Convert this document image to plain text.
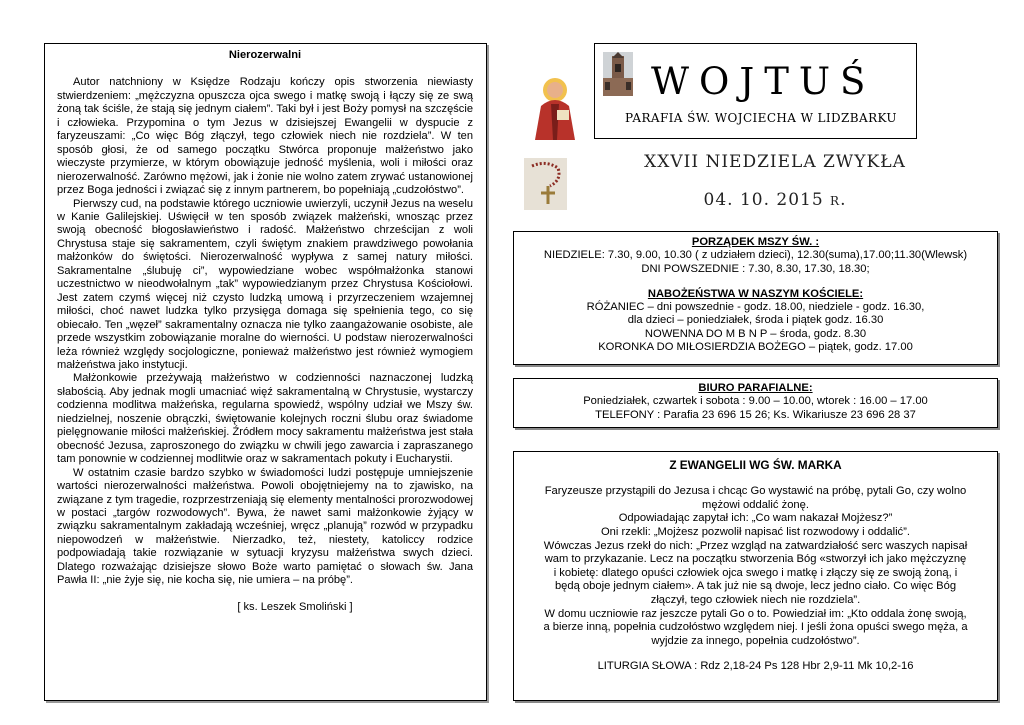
Nierozerwalni

Autor natchniony w Księdze Rodzaju kończy opis stworzenia niewiasty stwierdzeniem: „mężczyzna opuszcza ojca swego i matkę swoją i łączy się ze swą żoną tak ściśle, że stają się jednym ciałem”. Taki był i jest Boży pomysł na szczęście i człowieka. Przypomina o tym Jezus w dzisiejszej Ewangelii w dyspucie z faryzeuszami: „Co więc Bóg złączył, tego człowiek niech nie rozdziela”. W ten sposób głosi, że od samego początku Stwórca proponuje małżeństwo jako wieczyste przymierze, w którym obowiązuje jedność myślenia, woli i miłości oraz nierozerwalność. Zarówno mężowi, jak i żonie nie wolno zatem zrywać ustanowionej przez Boga jedności i związać się z innym partnerem, bo popełniają „cudzołóstwo”.

Pierwszy cud, na podstawie którego uczniowie uwierzyli, uczynił Jezus na weselu w Kanie Galilejskiej. Uświęcił w ten sposób związek małżeński, wnosząc przez swoją obecność błogosławieństwo i radość. Małżeństwo chrześcijan z woli Chrystusa staje się sakramentem, czyli świętym znakiem prawdziwego powołania małżonków do świętości. Nierozerwalność wypływa z samej natury miłości. Sakramentalne „ślubuję ci”, wypowiedziane wobec współmałżonka stanowi uczestnictwo w nieodwołalnym „tak” wypowiedzianym przez Chrystusa Kościołowi. Jest zatem czymś więcej niż czysto ludzką umową i przyrzeczeniem wzajemnej miłości, choć nawet ludzka tylko przysięga domaga się spełnienia tego, co się obiecało. Ten „węzeł” sakramentalny oznacza nie tylko zaangażowanie osobiste, ale przede wszystkim zobowiązanie moralne do wierności. U podstaw nierozerwalności leża również względy socjologiczne, ponieważ małżeństwo jest również wymogiem małżeństwa jako instytucji.

Małżonkowie przeżywają małżeństwo w codzienności naznaczonej ludzką słabością. Aby jednak mogli umacniać więź sakramentalną w Chrystusie, wystarczy codzienna modlitwa małżeńska, regularna spowiedź, wspólny udział we Mszy św. niedzielnej, noszenie obrączki, świętowanie kolejnych roczni ślubu oraz świadome pielęgnowanie miłości małżeńskiej. Źródłem mocy sakramentu małżeństwa jest stała obecność Jezusa, zaproszonego do związku w chwili jego zawarcia i zapraszanego tam ponownie w codziennej modlitwie oraz w sakramentach pokuty i Eucharystii.

W ostatnim czasie bardzo szybko w świadomości ludzi postępuje umniejszenie wartości nierozerwalności małżeństwa. Powoli obojętniejemy na to zjawisko, na związane z tym tragedie, rozprzestrzeniają się elementy mentalności prorozwodowej w postaci „targów rozwodowych”. Bywa, że nawet sami małżonkowie żyjący w związku sakramentalnym zakładają wcześniej, wręcz „planują” rozwód w przypadku niepowodzeń w małżeństwie. Nierzadko, też, niestety, katoliccy rodzice podpowiadają takie rozwiązanie w sytuacji kryzysu małżeństwa swych dzieci. Dlatego rozważając dzisiejsze słowo Boże warto pamiętać o słowach św. Jana Pawła II: „nie żyje się, nie kocha się, nie umiera – na próbę”.

[ ks. Leszek Smoliński ]
WOJTUŚ
PARAFIA ŚW. WOJCIECHA W LIDZBARKU
XXVII NIEDZIELA ZWYKŁA
04. 10. 2015 r.
PORZĄDEK MSZY ŚW. :
NIEDZIELE: 7.30, 9.00, 10.30 ( z udziałem dzieci), 12.30(suma),17.00;11.30(Wlewsk)
DNI POWSZEDNIE : 7.30, 8.30, 17.30, 18.30;
NABOŻEŃSTWA W NASZYM KOŚCIELE:
RÓŻANIEC – dni powszednie - godz. 18.00, niedziele - godz. 16.30,
dla dzieci – poniedziałek, środa i piątek godz. 16.30
NOWENNA DO M B N P – środa, godz. 8.30
KORONKA DO MIŁOSIERDZIA BOŻEGO – piątek, godz. 17.00
BIURO PARAFIALNE:
Poniedziałek, czwartek i sobota : 9.00 – 10.00, wtorek : 16.00 – 17.00
TELEFONY : Parafia 23 696 15 26; Ks. Wikariusze 23 696 28 37
Z EWANGELII WG ŚW. MARKA
Faryzeusze przystąpili do Jezusa i chcąc Go wystawić na próbę, pytali Go, czy wolno
mężowi oddalić żonę.
Odpowiadając zapytał ich: „Co wam nakazał Mojżesz?”
Oni rzekli: „Mojżesz pozwolił napisać list rozwodowy i oddalić”.
Wówczas Jezus rzekł do nich: „Przez wzgląd na zatwardziałość serc waszych napisał
wam to przykazanie. Lecz na początku stworzenia Bóg «stworzył ich jako mężczyznę
i kobietę: dlatego opuści człowiek ojca swego i matkę i złączy się ze swoją żoną, i
będą oboje jednym ciałem». A tak już nie są dwoje, lecz jedno ciało. Co więc Bóg
złączył, tego człowiek niech nie rozdziela”.
W domu uczniowie raz jeszcze pytali Go o to. Powiedział im: „Kto oddala żonę swoją,
a bierze inną, popełnia cudzołóstwo względem niej. I jeśli żona opuści swego męża, a
wyjdzie za innego, popełnia cudzołóstwo”.
LITURGIA SŁOWA : Rdz 2,18-24 Ps 128 Hbr 2,9-11 Mk 10,2-16
